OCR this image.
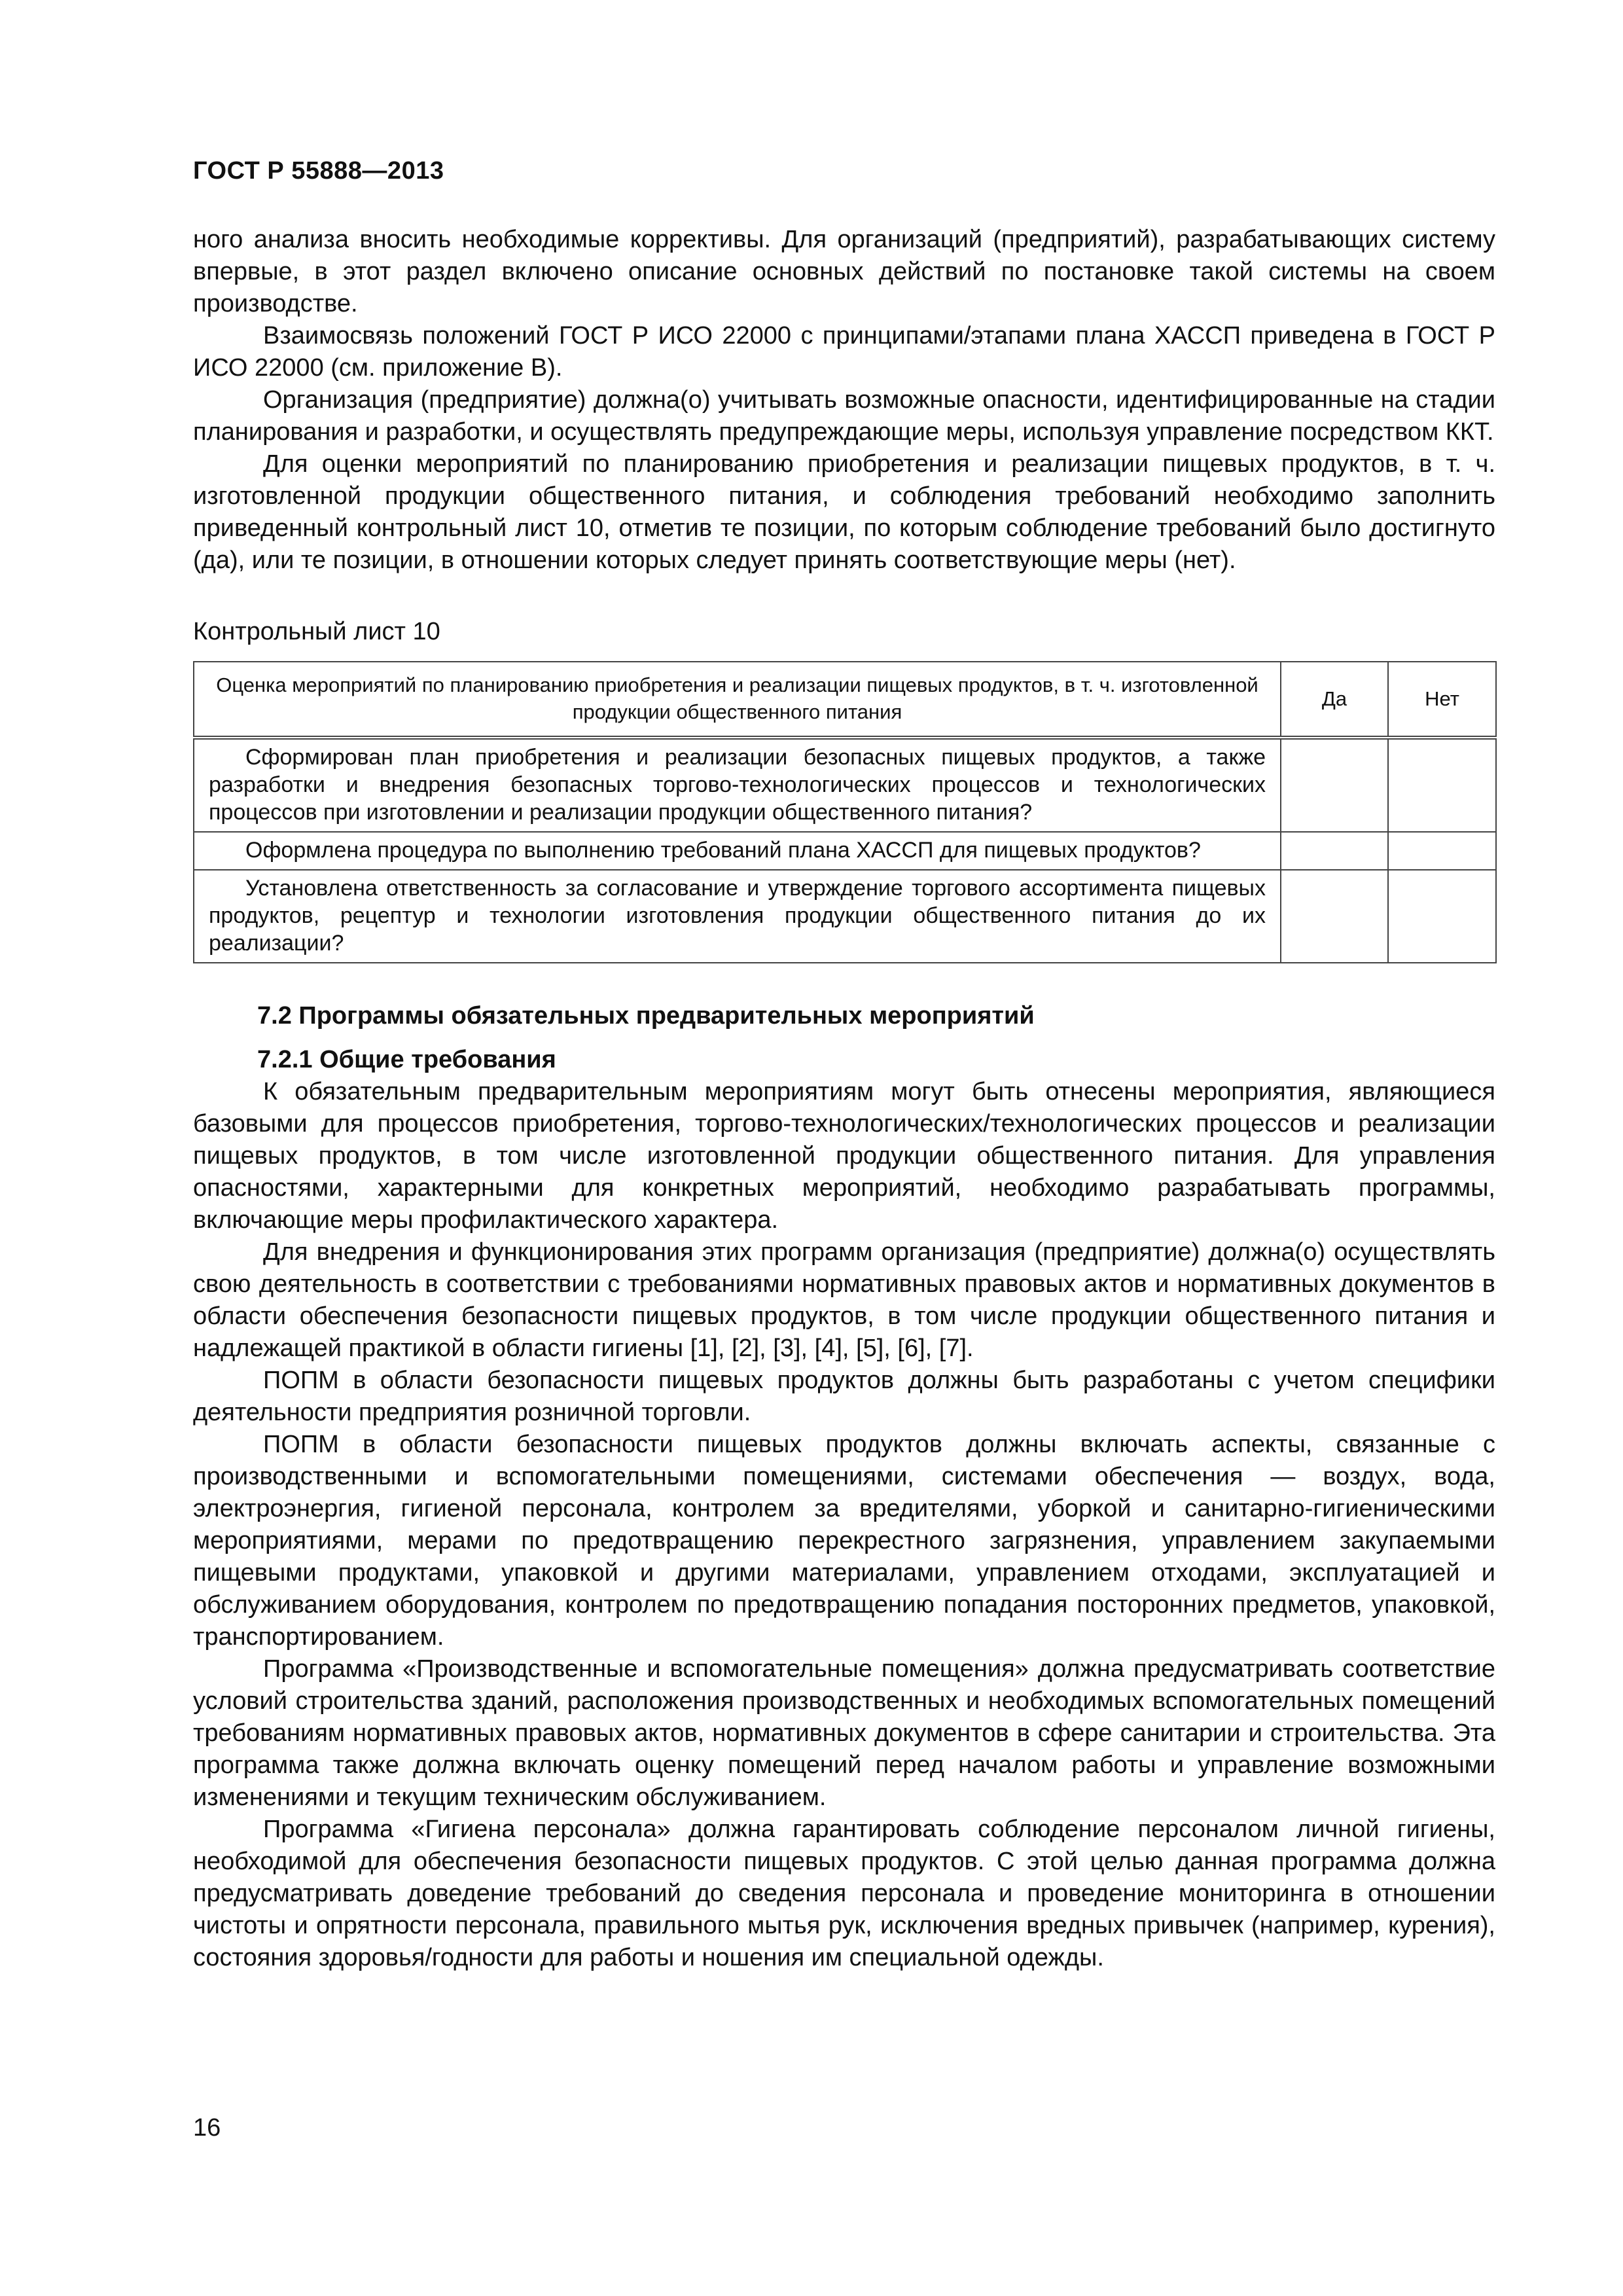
ГОСТ Р 55888—2013

ного анализа вносить необходимые коррективы. Для организаций (предприятий), разрабатывающих систему впервые, в этот раздел включено описание основных действий по постановке такой системы на своем производстве.

Взаимосвязь положений ГОСТ Р ИСО 22000 с принципами/этапами плана ХАССП приведена в ГОСТ Р ИСО 22000 (см. приложение В).

Организация (предприятие) должна(о) учитывать возможные опасности, идентифицированные на стадии планирования и разработки, и осуществлять предупреждающие меры, используя управление посредством ККТ.

Для оценки мероприятий по планированию приобретения и реализации пищевых продуктов, в т. ч. изготовленной продукции общественного питания, и соблюдения требований необходимо заполнить приведенный контрольный лист 10, отметив те позиции, по которым соблюдение требований было достигнуто (да), или те позиции, в отношении которых следует принять соответствующие меры (нет).

Контрольный лист 10
Оценка мероприятий по планированию приобретения и реализации пищевых продуктов, в т. ч. изготовленной продукции общественного питания	Да	Нет
Сформирован план приобретения и реализации безопасных пищевых продуктов, а также разработки и внедрения безопасных торгово-технологических процессов и технологических процессов при изготовлении и реализации продукции общественного питания?		
Оформлена процедура по выполнению требований плана ХАССП для пищевых продуктов?		
Установлена ответственность за согласование и утверждение торгового ассортимента пищевых продуктов, рецептур и технологии изготовления продукции общественного питания до их реализации?		

7.2 Программы обязательных предварительных мероприятий

7.2.1 Общие требования

К обязательным предварительным мероприятиям могут быть отнесены мероприятия, являющиеся базовыми для процессов приобретения, торгово-технологических/технологических процессов и реализации пищевых продуктов, в том числе изготовленной продукции общественного питания. Для управления опасностями, характерными для конкретных мероприятий, необходимо разрабатывать программы, включающие меры профилактического характера.

Для внедрения и функционирования этих программ организация (предприятие) должна(о) осуществлять свою деятельность в соответствии с требованиями нормативных правовых актов и нормативных документов в области обеспечения безопасности пищевых продуктов, в том числе продукции общественного питания и надлежащей практикой в области гигиены [1], [2], [3], [4], [5], [6], [7].

ПОПМ в области безопасности пищевых продуктов должны быть разработаны с учетом специфики деятельности предприятия розничной торговли.

ПОПМ в области безопасности пищевых продуктов должны включать аспекты, связанные с производственными и вспомогательными помещениями, системами обеспечения — воздух, вода, электроэнергия, гигиеной персонала, контролем за вредителями, уборкой и санитарно-гигиеническими мероприятиями, мерами по предотвращению перекрестного загрязнения, управлением закупаемыми пищевыми продуктами, упаковкой и другими материалами, управлением отходами, эксплуатацией и обслуживанием оборудования, контролем по предотвращению попадания посторонних предметов, упаковкой, транспортированием.

Программа «Производственные и вспомогательные помещения» должна предусматривать соответствие условий строительства зданий, расположения производственных и необходимых вспомогательных помещений требованиям нормативных правовых актов, нормативных документов в сфере санитарии и строительства. Эта программа также должна включать оценку помещений перед началом работы и управление возможными изменениями и текущим техническим обслуживанием.

Программа «Гигиена персонала» должна гарантировать соблюдение персоналом личной гигиены, необходимой для обеспечения безопасности пищевых продуктов. С этой целью данная программа должна предусматривать доведение требований до сведения персонала и проведение мониторинга в отношении чистоты и опрятности персонала, правильного мытья рук, исключения вредных привычек (например, курения), состояния здоровья/годности для работы и ношения им специальной одежды.

16
